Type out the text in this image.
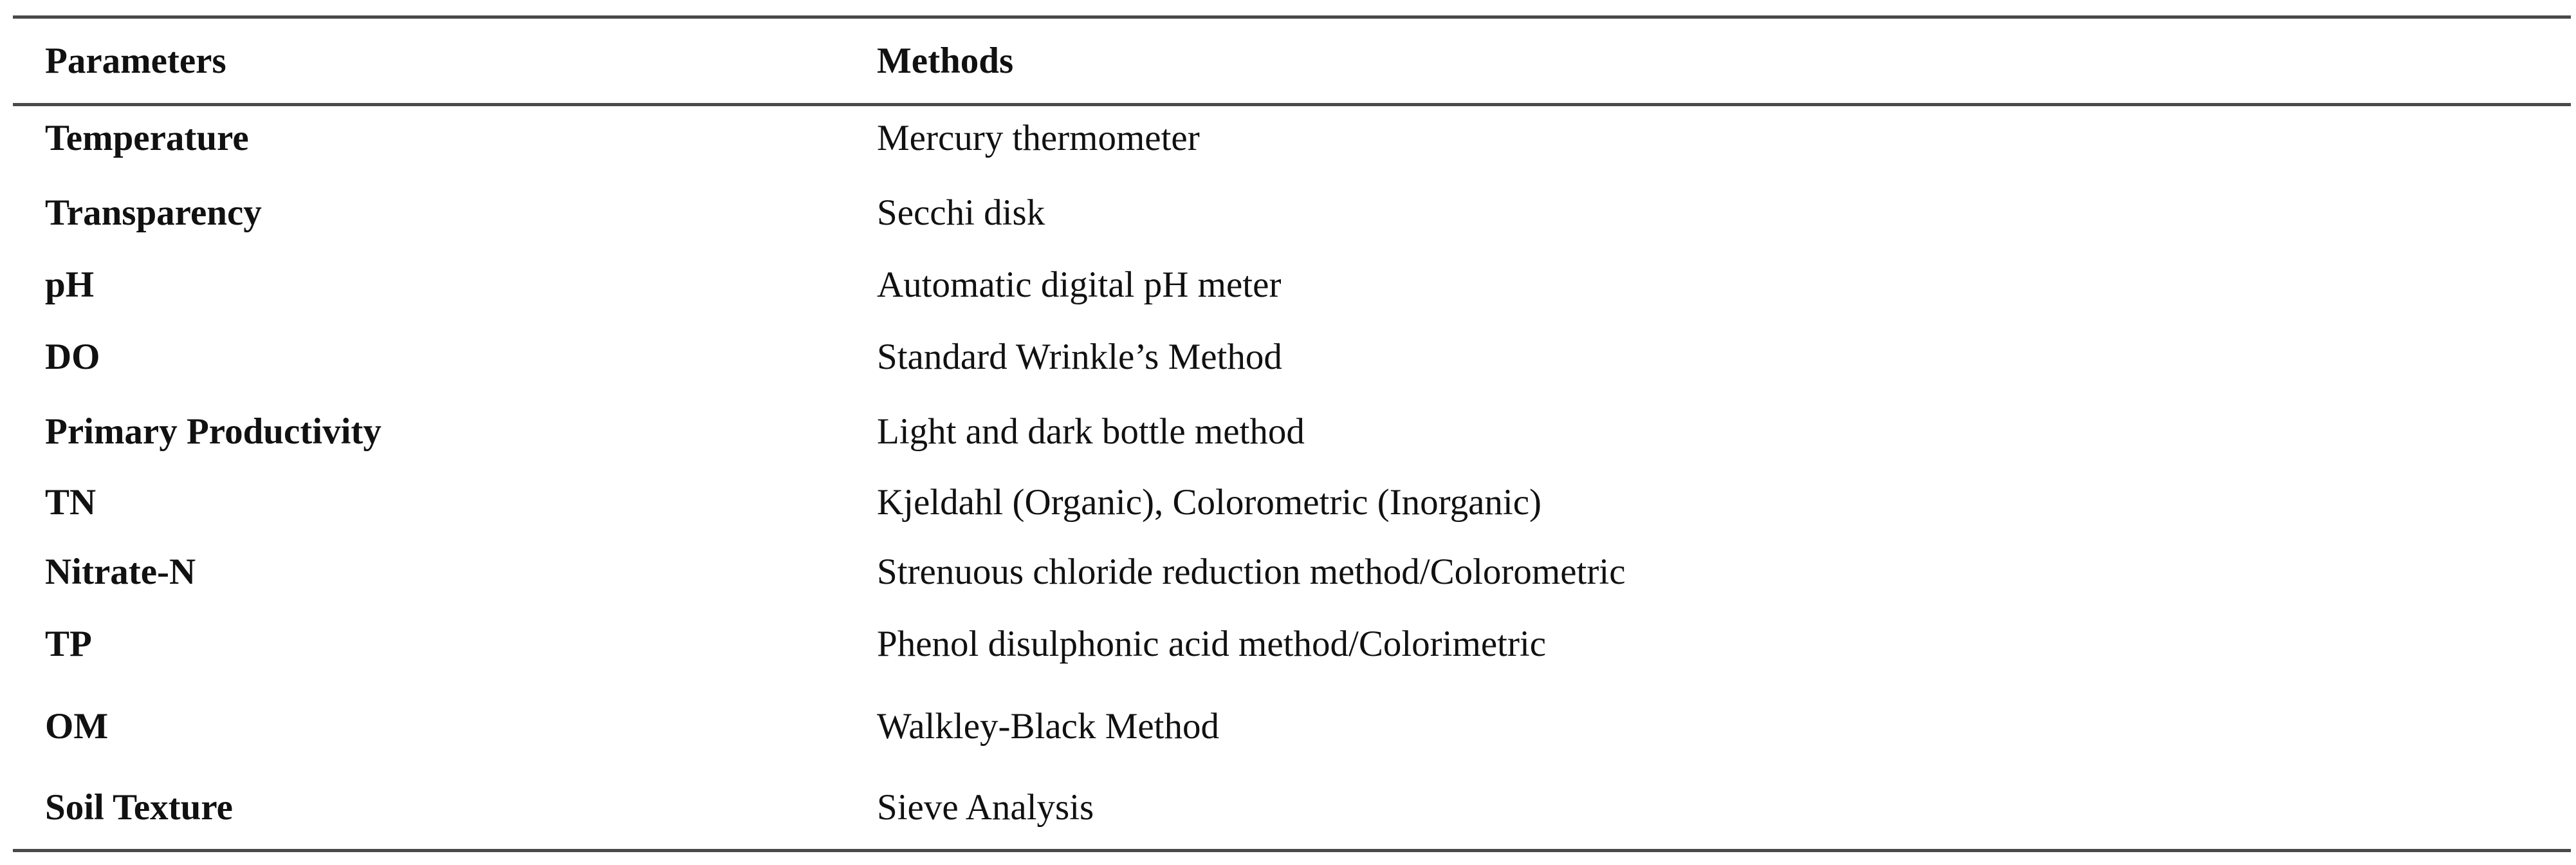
Parameters	Methods
Temperature	Mercury thermometer
Transparency	Secchi disk
pH	Automatic digital pH meter
DO	Standard Wrinkle’s Method
Primary Productivity	Light and dark bottle method
TN	Kjeldahl (Organic), Colorometric (Inorganic)
Nitrate-N	Strenuous chloride reduction method/Colorometric
TP	Phenol disulphonic acid method/Colorimetric
OM	Walkley-Black Method
Soil Texture	Sieve Analysis
